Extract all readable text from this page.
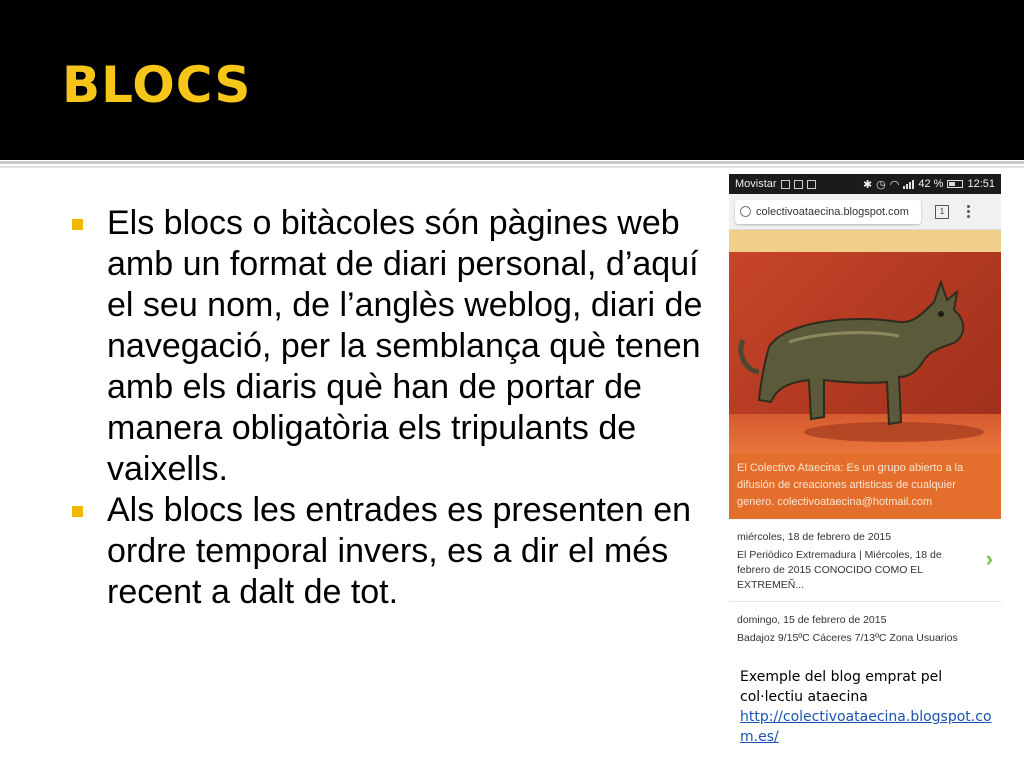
BLOCS
Els blocs o bitàcoles són pàgines web amb un format de diari personal, d’aquí el seu nom, de l’anglès weblog, diari de navegació, per la semblança què tenen amb els diaris què han de portar de manera obligatòria els tripulants de vaixells.
Als blocs les entrades es presenten en ordre temporal invers, es a dir el més recent a dalt de tot.
Movistar	✱ ◷ ◠ 42 % 12:51
colectivoataecina.blogspot.com	1
El Colectivo Ataecina: Es un grupo abierto a la difusión de creaciones artisticas de cualquier genero. colectivoataecina@hotmail.com
miércoles, 18 de febrero de 2015
El Periódico Extremadura | Miércoles, 18 de febrero de 2015 CONOCIDO COMO EL EXTREMEÑ...
›
domingo, 15 de febrero de 2015
Badajoz 9/15ºC Cáceres 7/13ºC Zona Usuarios
Exemple del blog emprat pel col·lectiu ataecina
http://colectivoataecina.blogspot.com.es/
